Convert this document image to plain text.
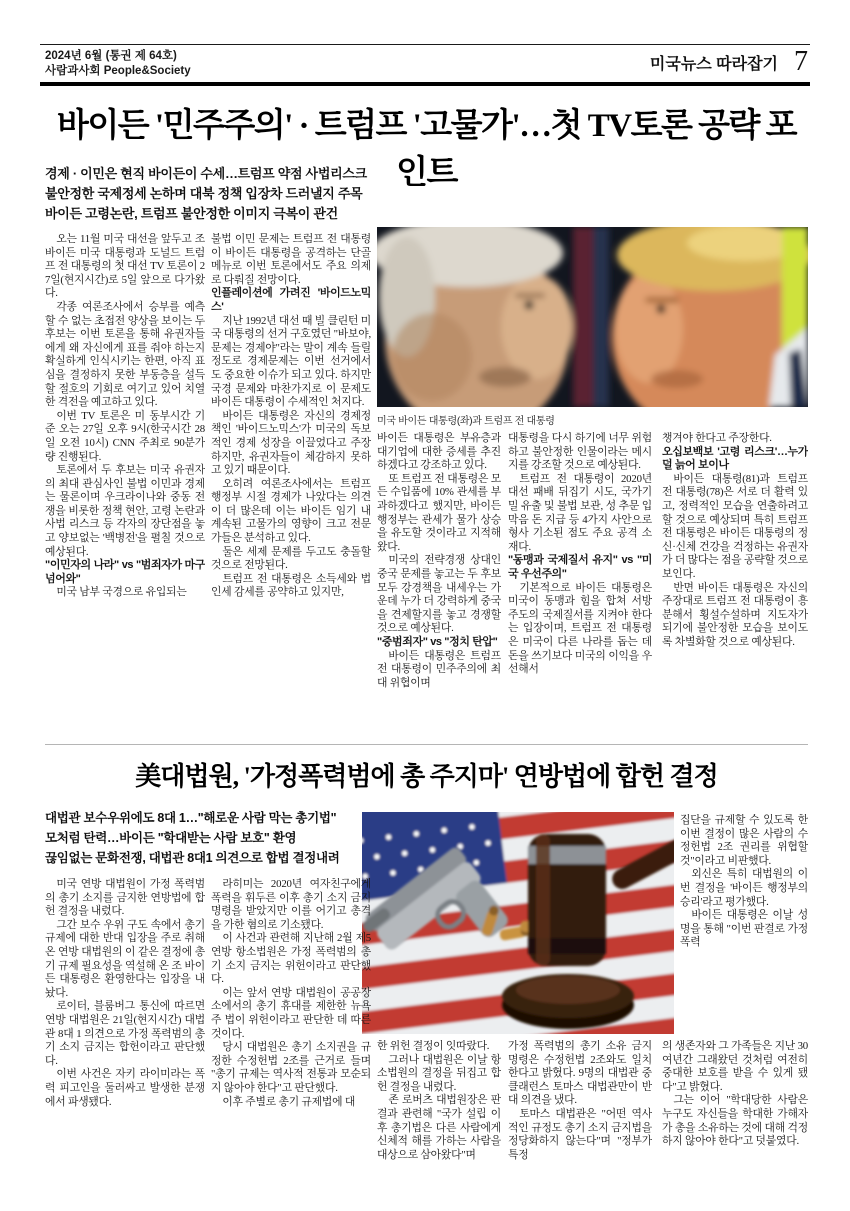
2024년 6월 (통권 제 64호)
사람과사회 People&Society	미국뉴스 따라잡기 7
바이든 '민주주의' · 트럼프 '고물가'…첫 TV토론 공략 포인트
경제 · 이민은 현직 바이든이 수세…트럼프 약점 사법리스크
불안정한 국제정세 논하며 대북 정책 입장차 드러낼지 주목
바이든 고령논란, 트럼프 불안정한 이미지 극복이 관건
미국 바이든 대통령(좌)과 트럼프 전 대통령

오는 11월 미국 대선을 앞두고 조 바이든 미국 대통령과 도널드 트럼프 전 대통령의 첫 대선 TV 토론이 27일(현지시간)로 5일 앞으로 다가왔다.

각종 여론조사에서 승부를 예측할 수 없는 초접전 양상을 보이는 두 후보는 이번 토론을 통해 유권자들에게 왜 자신에게 표를 줘야 하는지 확실하게 인식시키는 한편, 아직 표심을 결정하지 못한 부동층을 설득할 절호의 기회로 여기고 있어 치열한 격전을 예고하고 있다.

이번 TV 토론은 미 동부시간 기준 오는 27일 오후 9시(한국시간 28일 오전 10시) CNN 주최로 90분가량 진행된다.

토론에서 두 후보는 미국 유권자의 최대 관심사인 불법 이민과 경제는 물론이며 우크라이나와 중동 전쟁을 비롯한 정책 현안, 고령 논란과 사법 리스크 등 각자의 장단점을 놓고 양보없는 '백병전'을 펼칠 것으로 예상된다.

"이민자의 나라" vs "범죄자가 마구 넘어와"

미국 남부 국경으로 유입되는

불법 이민 문제는 트럼프 전 대통령이 바이든 대통령을 공격하는 단골 메뉴로 이번 토론에서도 주요 의제로 다뤄질 전망이다.

인플레이션에 가려진 '바이드노믹스'

지난 1992년 대선 때 빌 클린턴 미국 대통령의 선거 구호였던 "바보야, 문제는 경제야"라는 말이 계속 들릴 정도로 경제문제는 이번 선거에서도 중요한 이슈가 되고 있다. 하지만 국경 문제와 마찬가지로 이 문제도 바이든 대통령이 수세적인 처지다.

바이든 대통령은 자신의 경제정책인 '바이드노믹스'가 미국의 독보적인 경제 성장을 이끌었다고 주장하지만, 유권자들이 체감하지 못하고 있기 때문이다.

오히려 여론조사에서는 트럼프 행정부 시절 경제가 나았다는 의견이 더 많은데 이는 바이든 임기 내 계속된 고물가의 영향이 크고 전문가들은 분석하고 있다.

둘은 세제 문제를 두고도 충돌할 것으로 전망된다.

트럼프 전 대통령은 소득세와 법인세 감세를 공약하고 있지만,

바이든 대통령은 부유층과 대기업에 대한 증세를 추진하겠다고 강조하고 있다.

또 트럼프 전 대통령은 모든 수입품에 10% 관세를 부과하겠다고 했지만, 바이든 행정부는 관세가 물가 상승을 유도할 것이라고 지적해왔다.

미국의 전략경쟁 상대인 중국 문제를 놓고는 두 후보 모두 강경책을 내세우는 가운데 누가 더 강력하게 중국을 견제할지를 놓고 경쟁할 것으로 예상된다.

"중범죄자" vs "정치 탄압"

바이든 대통령은 트럼프 전 대통령이 민주주의에 최대 위협이며

대통령을 다시 하기에 너무 위험하고 불안정한 인물이라는 메시지를 강조할 것으로 예상된다.

트럼프 전 대통령이 2020년 대선 패배 뒤집기 시도, 국가기밀 유출 및 불법 보관, 성 추문 입막음 돈 지급 등 4가지 사안으로 형사 기소된 점도 주요 공격 소재다.

"동맹과 국제질서 유지" vs "미국 우선주의"

기본적으로 바이든 대통령은 미국이 동맹과 힘을 합쳐 서방 주도의 국제질서를 지켜야 한다는 입장이며, 트럼프 전 대통령은 미국이 다른 나라를 돕는 데 돈을 쓰기보다 미국의 이익을 우선해서

챙겨야 한다고 주장한다.

오십보백보 '고령 리스크'…누가 덜 늙어 보이나

바이든 대통령(81)과 트럼프 전 대통령(78)은 서로 더 활력 있고, 정력적인 모습을 연출하려고 할 것으로 예상되며 특히 트럼프 전 대통령은 바이든 대통령의 정신·신체 건강을 걱정하는 유권자가 더 많다는 점을 공략할 것으로 보인다.

반면 바이든 대통령은 자신의 주장대로 트럼프 전 대통령이 흥분해서 횡설수설하며 지도자가 되기에 불안정한 모습을 보이도록 차별화할 것으로 예상된다.

美대법원, '가정폭력범에 총 주지마' 연방법에 합헌 결정
대법관 보수우위에도 8대 1…"해로운 사람 막는 총기법"
모처럼 탄력…바이든 "학대받는 사람 보호" 환영
끊임없는 문화전쟁, 대법관 8대1 의견으로 합법 결정내려

미국 연방 대법원이 가정 폭력범의 총기 소지를 금지한 연방법에 합헌 결정을 내렸다.

그간 보수 우위 구도 속에서 총기 규제에 대한 반대 입장을 주로 취해온 연방 대법원의 이 같은 결정에 총기 규제 필요성을 역설해 온 조 바이든 대통령은 환영한다는 입장을 내놨다.

로이터, 블룸버그 통신에 따르면 연방 대법원은 21일(현지시간) 대법관 8대 1 의견으로 가정 폭력범의 총기 소지 금지는 합헌이라고 판단했다.

이번 사건은 자키 라이미라는 폭력 피고인을 둘러싸고 발생한 분쟁에서 파생됐다.

라히미는 2020년 여자친구에게 폭력을 휘두른 이후 총기 소지 금지 명령을 받았지만 이를 어기고 총격을 가한 혐의로 기소됐다.

이 사건과 관련해 지난해 2월 제5연방 항소법원은 가정 폭력범의 총기 소지 금지는 위헌이라고 판단했다.

이는 앞서 연방 대법원이 공공장소에서의 총기 휴대를 제한한 뉴욕주 법이 위헌이라고 판단한 데 따른 것이다.

당시 대법원은 총기 소지권을 규정한 수정헌법 2조를 근거로 들며 "총기 규제는 역사적 전통과 모순되지 않아야 한다"고 판단했다.

이후 주별로 총기 규제법에 대

집단을 규제할 수 있도록 한 이번 결정이 많은 사람의 수정헌법 2조 권리를 위협할 것"이라고 비판했다.

외신은 특히 대법원의 이번 결정을 '바이든 행정부의 승리'라고 평가했다.

바이든 대통령은 이날 성명을 통해 "이번 판결로 가정 폭력

한 위헌 결정이 잇따랐다.

그러나 대법원은 이날 항소법원의 결정을 뒤집고 합헌 결정을 내렸다.

존 로버츠 대법원장은 판결과 관련해 "국가 설립 이후 총기법은 다른 사람에게 신체적 해를 가하는 사람을 대상으로 삼아왔다"며

가정 폭력범의 총기 소유 금지 명령은 수정헌법 2조와도 일치한다고 밝혔다. 9명의 대법관 중 클래런스 토마스 대법관만이 반대 의견을 냈다.

토마스 대법관은 "어떤 역사적인 규정도 총기 소지 금지법을 정당화하지 않는다"며 "정부가 특정

의 생존자와 그 가족들은 지난 30여년간 그래왔던 것처럼 여전히 중대한 보호를 받을 수 있게 됐다"고 밝혔다.

그는 이어 "학대당한 사람은 누구도 자신들을 학대한 가해자가 총을 소유하는 것에 대해 걱정하지 않아야 한다"고 덧붙였다.
